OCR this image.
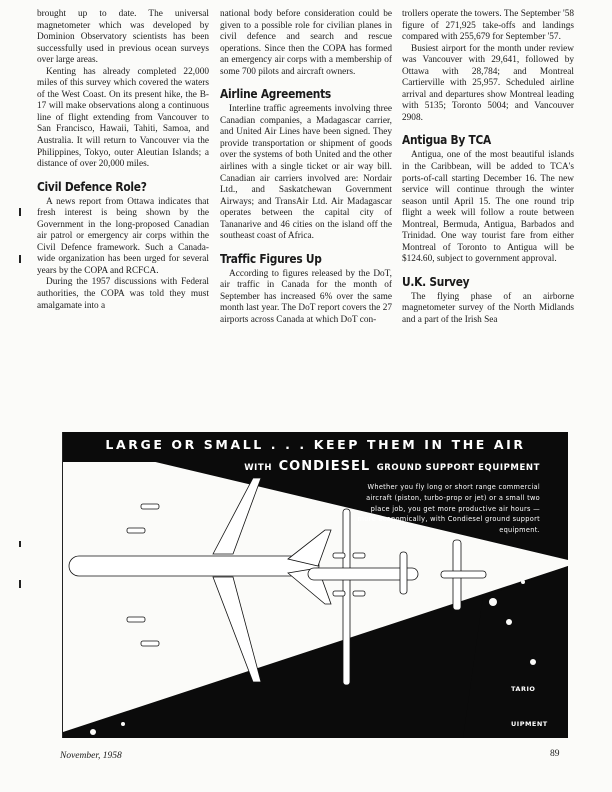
brought up to date. The universal magnetometer which was developed by Dominion Observatory scientists has been successfully used in previous ocean surveys over large areas.

Kenting has already completed 22,000 miles of this survey which covered the waters of the West Coast. On its present hike, the B-17 will make observations along a continuous line of flight extending from Vancouver to San Francisco, Hawaii, Tahiti, Samoa, and Australia. It will return to Vancouver via the Philippines, Tokyo, outer Aleutian Islands; a distance of over 20,000 miles.

Civil Defence Role?

A news report from Ottawa indicates that fresh interest is being shown by the Government in the long-proposed Canadian air patrol or emergency air corps within the Civil Defence framework. Such a Canada-wide organization has been urged for several years by the COPA and RCFCA.

During the 1957 discussions with Federal authorities, the COPA was told they must amalgamate into a

national body before consideration could be given to a possible role for civilian planes in civil defence and search and rescue operations. Since then the COPA has formed an emergency air corps with a membership of some 700 pilots and aircraft owners.

Airline Agreements

Interline traffic agreements involving three Canadian companies, a Madagascar carrier, and United Air Lines have been signed. They provide transportation or shipment of goods over the systems of both United and the other airlines with a single ticket or air way bill. Canadian air carriers involved are: Nordair Ltd., and Saskatchewan Government Airways; and TransAir Ltd. Air Madagascar operates between the capital city of Tananarive and 46 cities on the island off the southeast coast of Africa.

Traffic Figures Up

According to figures released by the DoT, air traffic in Canada for the month of September has increased 6% over the same month last year. The DoT report covers the 27 airports across Canada at which DoT con-

trollers operate the towers. The September '58 figure of 271,925 take-offs and landings compared with 255,679 for September '57.

Busiest airport for the month under review was Vancouver with 29,641, followed by Ottawa with 28,784; and Montreal Cartierville with 25,957. Scheduled airline arrival and departures show Montreal leading with 5135; Toronto 5004; and Vancouver 2908.

Antigua By TCA

Antigua, one of the most beautiful islands in the Caribbean, will be added to TCA's ports-of-call starting December 16. The new service will continue through the winter season until April 15. The one round trip flight a week will follow a route between Montreal, Bermuda, Antigua, Barbados and Trinidad. One way tourist fare from either Montreal of Toronto to Antigua will be $124.60, subject to government approval.

U.K. Survey

The flying phase of an airborne magnetometer survey of the North Midlands and a part of the Irish Sea

LARGE OR SMALL . . . KEEP THEM IN THE AIR
WITH CONDIESEL GROUND SUPPORT EQUIPMENT
Whether you fly long or short range commercial aircraft (piston, turbo-prop or jet) or a small two place job, you get more productive air hours — more economically, with Condiesel ground support equipment.
TARIO
UIPMENT
November, 1958	89
